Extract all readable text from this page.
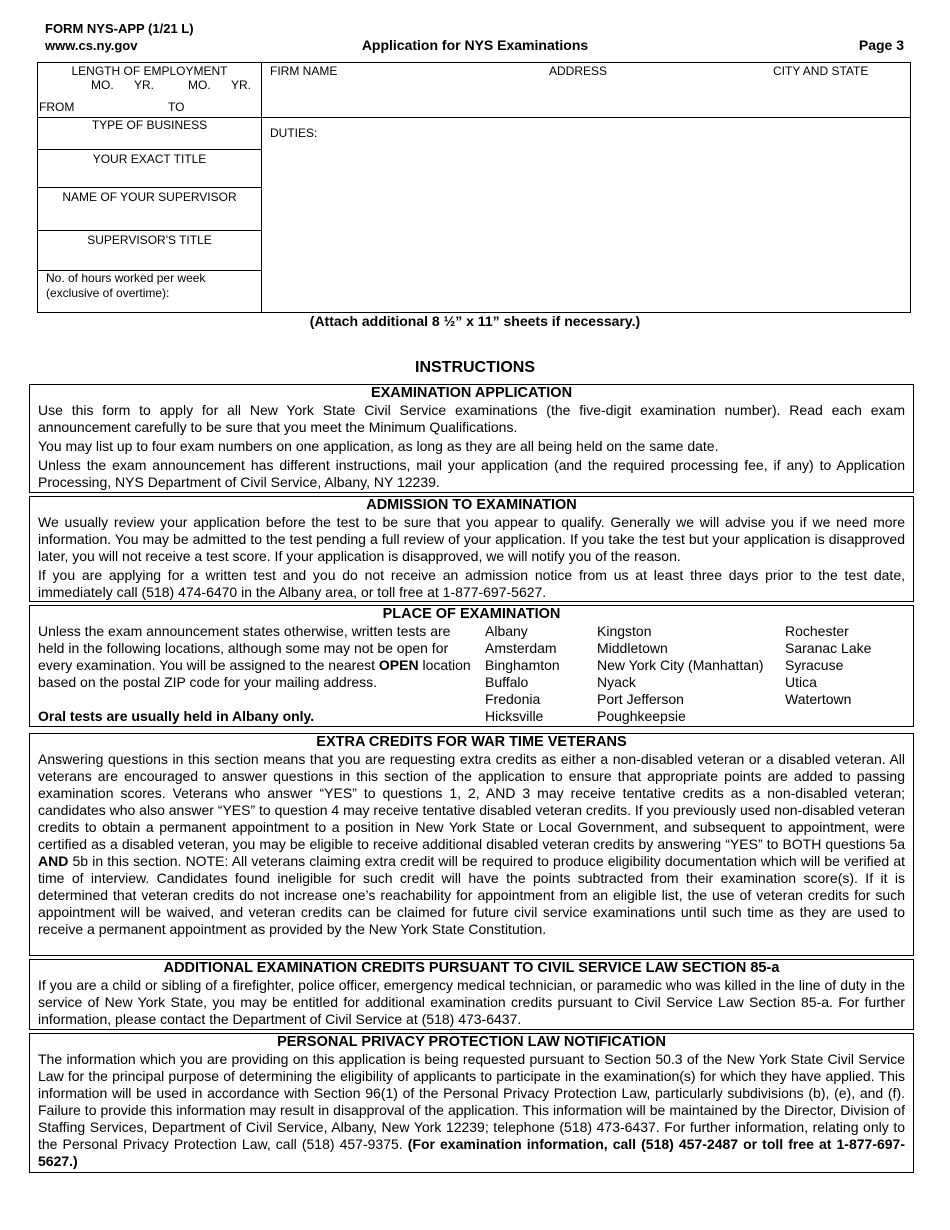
FORM NYS-APP (1/21 L)
www.cs.ny.gov	Application for NYS Examinations	Page 3
LENGTH OF EMPLOYMENT
MO. YR.	MO. YR.
FROM	TO
FIRM NAME	ADDRESS	CITY AND STATE
TYPE OF BUSINESS
DUTIES:
YOUR EXACT TITLE
NAME OF YOUR SUPERVISOR
SUPERVISOR'S TITLE
No. of hours worked per week
(exclusive of overtime):
(Attach additional 8 ½” x 11” sheets if necessary.)
INSTRUCTIONS
EXAMINATION APPLICATION

Use this form to apply for all New York State Civil Service examinations (the five-digit examination number). Read each exam announcement carefully to be sure that you meet the Minimum Qualifications.

You may list up to four exam numbers on one application, as long as they are all being held on the same date.

Unless the exam announcement has different instructions, mail your application (and the required processing fee, if any) to Application Processing, NYS Department of Civil Service, Albany, NY 12239.

ADMISSION TO EXAMINATION

We usually review your application before the test to be sure that you appear to qualify. Generally we will advise you if we need more information. You may be admitted to the test pending a full review of your application. If you take the test but your application is disapproved later, you will not receive a test score. If your application is disapproved, we will notify you of the reason.

If you are applying for a written test and you do not receive an admission notice from us at least three days prior to the test date, immediately call (518) 474-6470 in the Albany area, or toll free at 1-877-697-5627.

PLACE OF EXAMINATION
Unless the exam announcement states otherwise, written tests are held in the following locations, although some may not be open for every examination. You will be assigned to the nearest OPEN location based on the postal ZIP code for your mailing address.
Oral tests are usually held in Albany only.
Albany
Amsterdam
Binghamton
Buffalo
Fredonia
Hicksville
Kingston
Middletown
New York City (Manhattan)
Nyack
Port Jefferson
Poughkeepsie
Rochester
Saranac Lake
Syracuse
Utica
Watertown
EXTRA CREDITS FOR WAR TIME VETERANS

Answering questions in this section means that you are requesting extra credits as either a non-disabled veteran or a disabled veteran. All veterans are encouraged to answer questions in this section of the application to ensure that appropriate points are added to passing examination scores. Veterans who answer “YES” to questions 1, 2, AND 3 may receive tentative credits as a non-disabled veteran; candidates who also answer “YES” to question 4 may receive tentative disabled veteran credits. If you previously used non-disabled veteran credits to obtain a permanent appointment to a position in New York State or Local Government, and subsequent to appointment, were certified as a disabled veteran, you may be eligible to receive additional disabled veteran credits by answering “YES” to BOTH questions 5a AND 5b in this section. NOTE: All veterans claiming extra credit will be required to produce eligibility documentation which will be verified at time of interview. Candidates found ineligible for such credit will have the points subtracted from their examination score(s). If it is determined that veteran credits do not increase one’s reachability for appointment from an eligible list, the use of veteran credits for such appointment will be waived, and veteran credits can be claimed for future civil service examinations until such time as they are used to receive a permanent appointment as provided by the New York State Constitution.

ADDITIONAL EXAMINATION CREDITS PURSUANT TO CIVIL SERVICE LAW SECTION 85-a

If you are a child or sibling of a firefighter, police officer, emergency medical technician, or paramedic who was killed in the line of duty in the service of New York State, you may be entitled for additional examination credits pursuant to Civil Service Law Section 85-a. For further information, please contact the Department of Civil Service at (518) 473-6437.

PERSONAL PRIVACY PROTECTION LAW NOTIFICATION

The information which you are providing on this application is being requested pursuant to Section 50.3 of the New York State Civil Service Law for the principal purpose of determining the eligibility of applicants to participate in the examination(s) for which they have applied. This information will be used in accordance with Section 96(1) of the Personal Privacy Protection Law, particularly subdivisions (b), (e), and (f). Failure to provide this information may result in disapproval of the application. This information will be maintained by the Director, Division of Staffing Services, Department of Civil Service, Albany, New York 12239; telephone (518) 473-6437. For further information, relating only to the Personal Privacy Protection Law, call (518) 457-9375. (For examination information, call (518) 457-2487 or toll free at 1-877-697-5627.)
